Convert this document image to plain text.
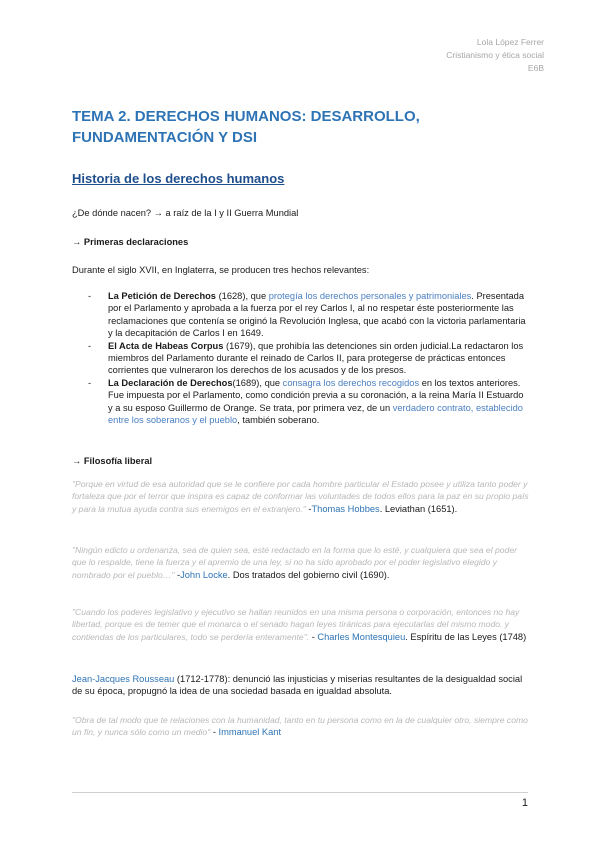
Lola López Ferrer
Cristianismo y ética social
E6B
TEMA 2. DERECHOS HUMANOS: DESARROLLO, FUNDAMENTACIÓN Y DSI
Historia de los derechos humanos
¿De dónde nacen? → a raíz de la I y II Guerra Mundial
→ Primeras declaraciones
Durante el siglo XVII, en Inglaterra, se producen tres hechos relevantes:
- La Petición de Derechos (1628), que protegía los derechos personales y patrimoniales. Presentada por el Parlamento y aprobada a la fuerza por el rey Carlos I, al no respetar éste posteriormente las reclamaciones que contenía se originó la Revolución Inglesa, que acabó con la victoria parlamentaria y la decapitación de Carlos I en 1649.
- El Acta de Habeas Corpus (1679), que prohibía las detenciones sin orden judicial.La redactaron los miembros del Parlamento durante el reinado de Carlos II, para protegerse de prácticas entonces corrientes que vulneraron los derechos de los acusados y de los presos.
- La Declaración de Derechos(1689), que consagra los derechos recogidos en los textos anteriores. Fue impuesta por el Parlamento, como condición previa a su coronación, a la reina María II Estuardo y a su esposo Guillermo de Orange. Se trata, por primera vez, de un verdadero contrato, establecido entre los soberanos y el pueblo, también soberano.
→ Filosofía liberal
"Porque en virtud de esa autoridad que se le confiere por cada hombre particular el Estado posee y utiliza tanto poder y fortaleza que por el terror que inspira es capaz de conformar las voluntades de todos ellos para la paz en su propio país y para la mutua ayuda contra sus enemigos en el extranjero." -Thomas Hobbes. Leviathan (1651).
"Ningún edicto u ordenanza, sea de quien sea, esté redactado en la forma que lo esté, y cualquiera que sea el poder que lo respalde, tiene la fuerza y el apremio de una ley, si no ha sido aprobado por el poder legislativo elegido y nombrado por el pueblo…" -John Locke. Dos tratados del gobierno civil (1690).
"Cuando los poderes legislativo y ejecutivo se hallan reunidos en una misma persona o corporación, entonces no hay libertad, porque es de temer que el monarca o el senado hagan leyes tiránicas para ejecutarlas del mismo modo. y contiendas de los particulares, todo se perdería enteramente". - Charles Montesquieu. Espíritu de las Leyes (1748)
Jean-Jacques Rousseau (1712-1778): denunció las injusticias y miserias resultantes de la desigualdad social de su época, propugnó la idea de una sociedad basada en igualdad absoluta.
"Obra de tal modo que te relaciones con la humanidad, tanto en tu persona como en la de cualquier otro, siempre como un fin, y nunca sólo como un medio" - Immanuel Kant
1
